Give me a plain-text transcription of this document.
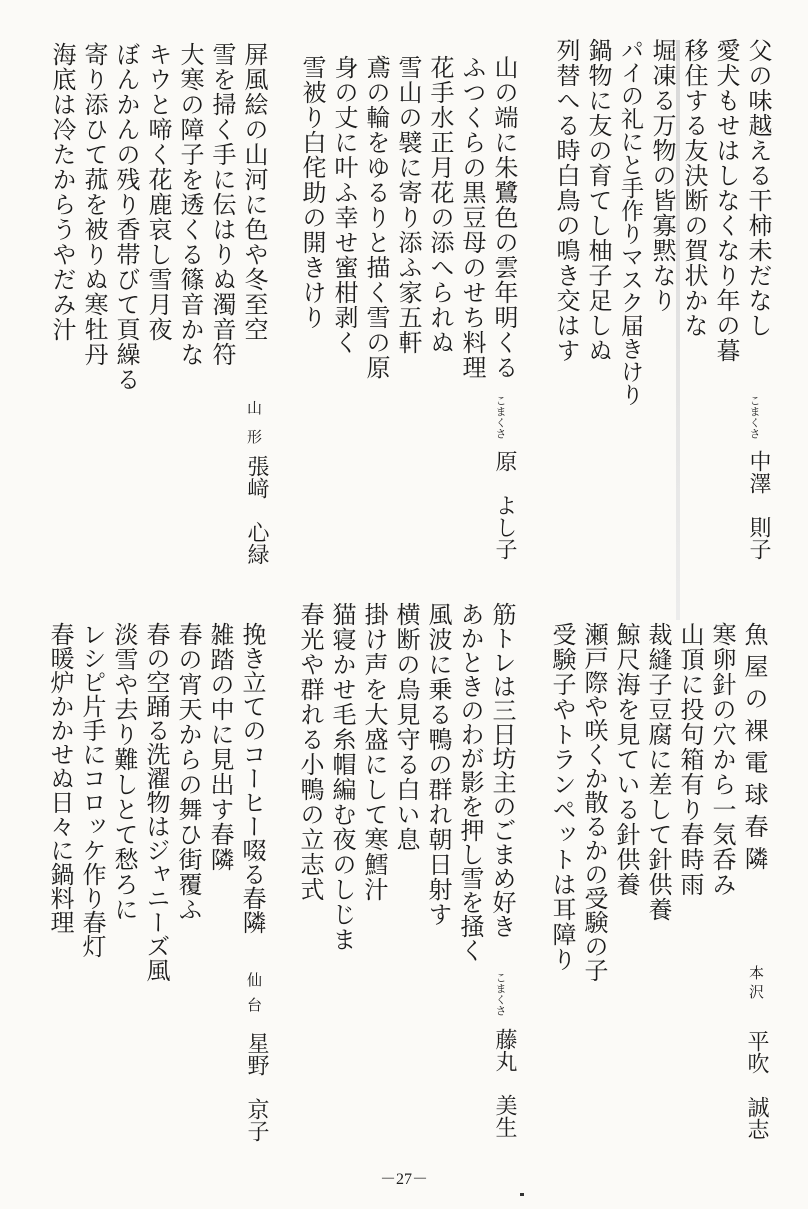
父の味越える干柿未だなし
愛犬もせはしなくなり年の暮
移住する友決断の賀状かな
堀凍る万物の皆寡黙なり
パイの礼にと手作りマスク届きけり
鍋物に友の育てし柚子足しぬ
列替へる時白鳥の鳴き交はす
こまくさ
中澤　則子
山の端に朱鷺色の雲年明くる
ふつくらの黒豆母のせち料理
花手水正月花の添へられぬ
雪山の襞に寄り添ふ家五軒
鳶の輪をゆるりと描く雪の原
身の丈に叶ふ幸せ蜜柑剥く
雪被り白侘助の開きけり
こまくさ
原　よし子
屏風絵の山河に色や冬至空
雪を掃く手に伝はりぬ濁音符
大寒の障子を透くる篠音かな
キウと啼く花鹿哀し雪月夜
ぼんかんの残り香帯びて頁繰る
寄り添ひて菰を被りぬ寒牡丹
海底は冷たからうやだみ汁
山形
張﨑　心緑
魚屋の裸電球春隣
寒卵針の穴から一気呑み
山頂に投句箱有り春時雨
裁縫子豆腐に差して針供養
鯨尺海を見ている針供養
瀬戸際や咲くか散るかの受験の子
受験子やトランペットは耳障り
本沢
平吹　誠志
筋トレは三日坊主のごまめ好き
あかときのわが影を押し雪を掻く
風波に乗る鴨の群れ朝日射す
横断の烏見守る白い息
掛け声を大盛にして寒鱈汁
猫寝かせ毛糸帽編む夜のしじま
春光や群れる小鴨の立志式
こまくさ
藤丸　美生
挽き立てのコーヒー啜る春隣
雑踏の中に見出す春隣
春の宵天からの舞ひ街覆ふ
春の空踊る洗濯物はジャニーズ風
淡雪や去り難しとて愁ろに
レシピ片手にコロッケ作り春灯
春暖炉かかせぬ日々に鍋料理
仙台
星野　京子
－27－
